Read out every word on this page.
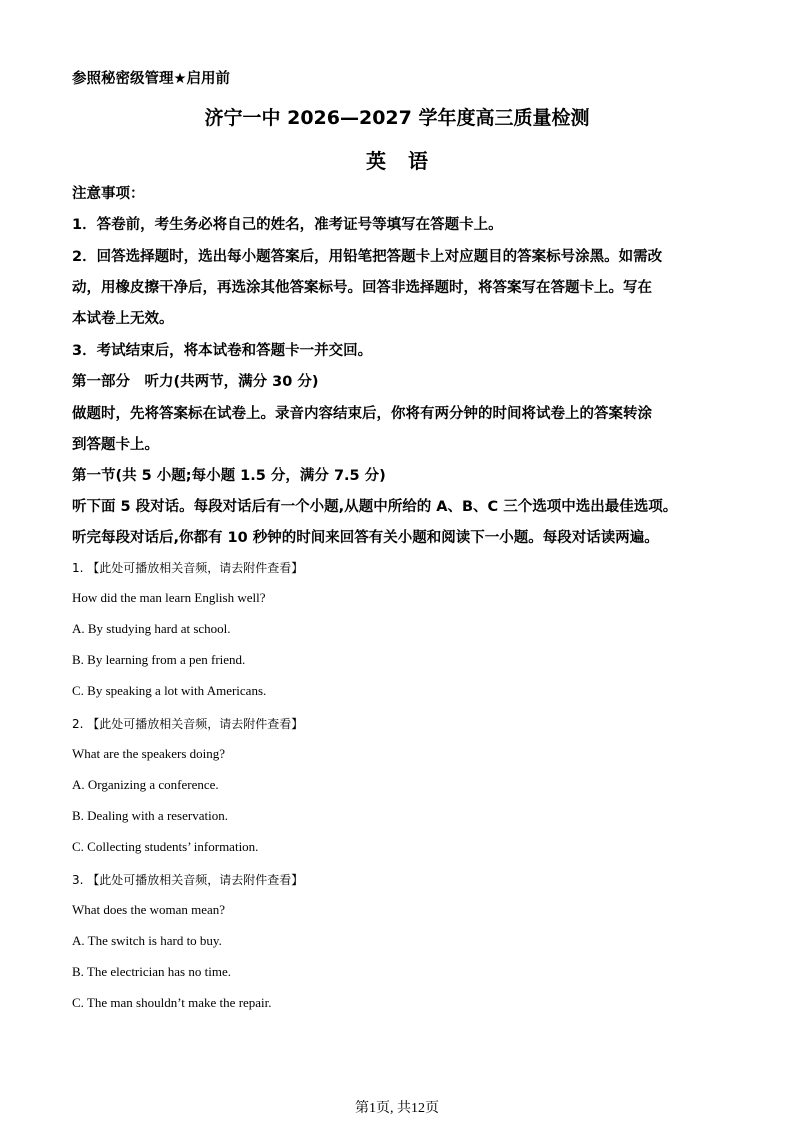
参照秘密级管理★启用前
济宁一中 2026—2027 学年度高三质量检测
英语
注意事项：
1．答卷前，考生务必将自己的姓名，准考证号等填写在答题卡上。
2．回答选择题时，选出每小题答案后，用铅笔把答题卡上对应题目的答案标号涂黑。如需改
动，用橡皮擦干净后，再选涂其他答案标号。回答非选择题时，将答案写在答题卡上。写在
本试卷上无效。
3．考试结束后，将本试卷和答题卡一并交回。
第一部分　听力(共两节，满分 30 分)
做题时，先将答案标在试卷上。录音内容结束后，你将有两分钟的时间将试卷上的答案转涂
到答题卡上。
第一节(共 5 小题;每小题 1.5 分，满分 7.5 分)
听下面 5 段对话。每段对话后有一个小题,从题中所给的 A、B、C 三个选项中选出最佳选项。
听完每段对话后,你都有 10 秒钟的时间来回答有关小题和阅读下一小题。每段对话读两遍。
1. 【此处可播放相关音频，请去附件查看】
How did the man learn English well?
A. By studying hard at school.
B. By learning from a pen friend.
C. By speaking a lot with Americans.
2. 【此处可播放相关音频，请去附件查看】
What are the speakers doing?
A. Organizing a conference.
B. Dealing with a reservation.
C. Collecting students’ information.
3. 【此处可播放相关音频，请去附件查看】
What does the woman mean?
A. The switch is hard to buy.
B. The electrician has no time.
C. The man shouldn’t make the repair.
第1页, 共12页
